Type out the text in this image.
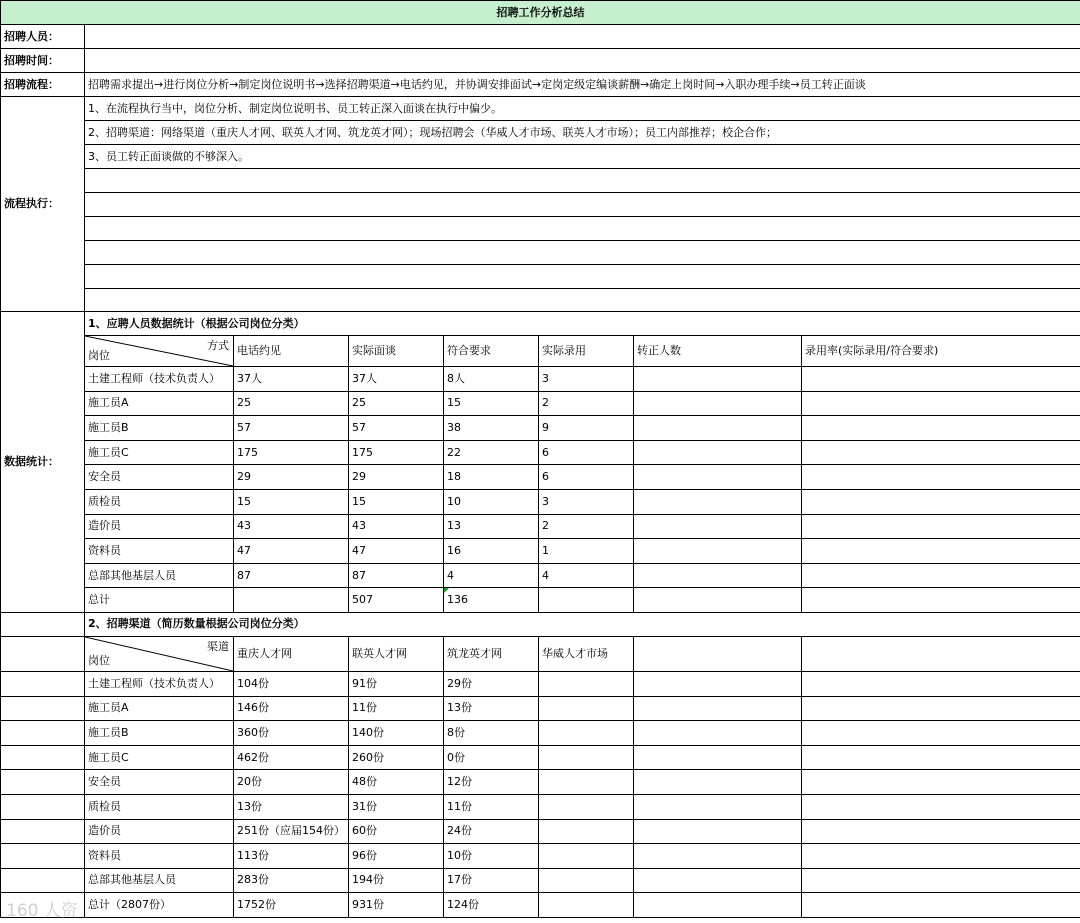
招聘工作分析总结								
招聘人员：								
招聘时间：								
招聘流程：	招聘需求提出→进行岗位分析→制定岗位说明书→选择招聘渠道→电话约见，并协调安排面试→定岗定级定编谈薪酬→确定上岗时间→入职办理手续→员工转正面谈							
流程执行：	1、在流程执行当中，岗位分析、制定岗位说明书、员工转正深入面谈在执行中偏少。							
	2、招聘渠道：网络渠道（重庆人才网、联英人才网、筑龙英才网）；现场招聘会（华威人才市场、联英人才市场）；员工内部推荐；校企合作；							
	3、员工转正面谈做的不够深入。							

数据统计：	1、应聘人员数据统计（根据公司岗位分类）							

	方式
岗位	电话约见	实际面谈	符合要求	实际录用	转正人数	录用率(实际录用/符合要求)	
	土建工程师（技术负责人）	37人	37人	8人	3			
	施工员A	25	25	15	2			
	施工员B	57	57	38	9			
	施工员C	175	175	22	6			
	安全员	29	29	18	6			
	质检员	15	15	10	3			
	造价员	43	43	13	2			
	资料员	47	47	16	1			
	总部其他基层人员	87	87	4	4			
	总计		507	136				
	2、招聘渠道（简历数量根据公司岗位分类）							

	渠道
岗位	重庆人才网	联英人才网	筑龙英才网	华威人才市场			
	土建工程师（技术负责人）	104份	91份	29份				
	施工员A	146份	11份	13份				
	施工员B	360份	140份	8份				
	施工员C	462份	260份	0份				
	安全员	20份	48份	12份				
	质检员	13份	31份	11份				
	造价员	251份（应届154份）	60份	24份				
	资料员	113份	96份	10份				
	总部其他基层人员	283份	194份	17份				
	总计（2807份）	1752份	931份	124份				
160 人资
